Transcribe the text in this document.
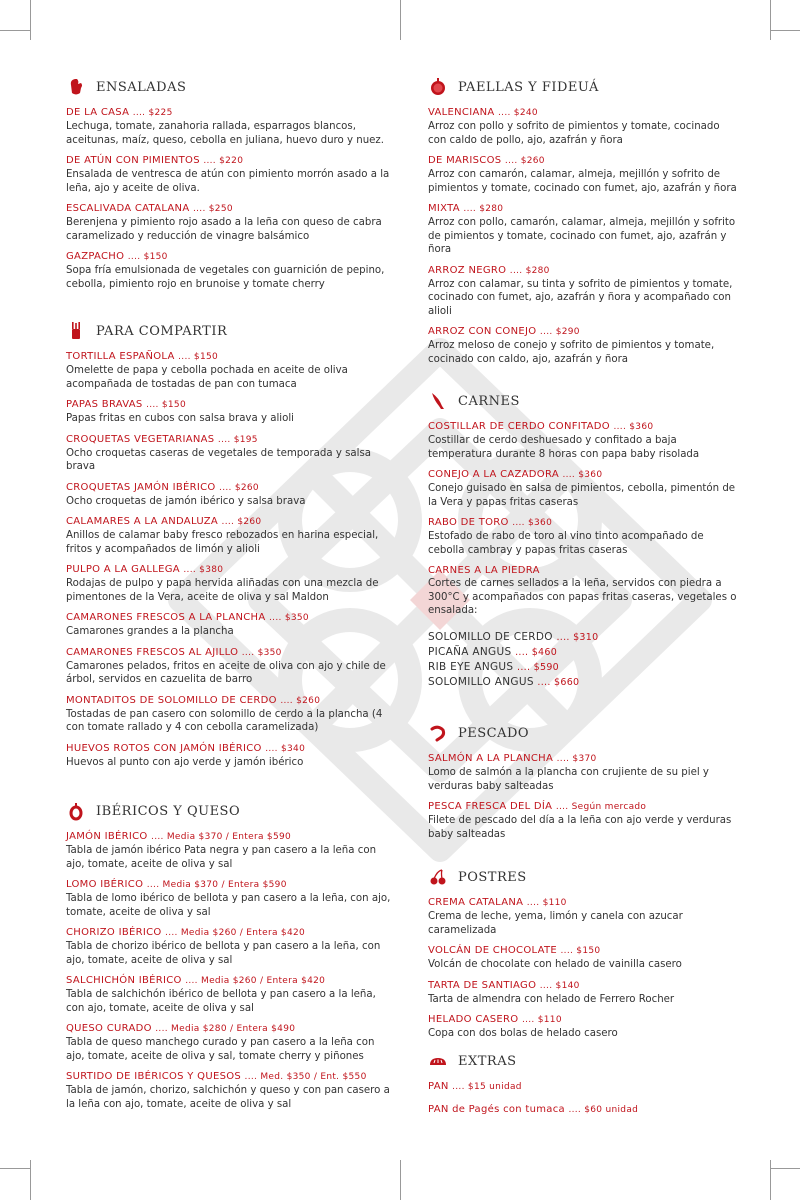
ENSALADAS
DE LA CASA .... $225
Lechuga, tomate, zanahoria rallada, esparragos blancos, aceitunas, maíz, queso, cebolla en juliana, huevo duro y nuez.
DE ATÚN CON PIMIENTOS .... $220
Ensalada de ventresca de atún con pimiento morrón asado a la leña, ajo y aceite de oliva.
ESCALIVADA CATALANA .... $250
Berenjena y pimiento rojo asado a la leña con queso de cabra caramelizado y reducción de vinagre balsámico
GAZPACHO .... $150
Sopa fría emulsionada de vegetales con guarnición de pepino, cebolla, pimiento rojo en brunoise y tomate cherry
PARA COMPARTIR
TORTILLA ESPAÑOLA .... $150
Omelette de papa y cebolla pochada en aceite de oliva acompañada de tostadas de pan con tumaca
PAPAS BRAVAS .... $150
Papas fritas en cubos con salsa brava y alioli
CROQUETAS VEGETARIANAS .... $195
Ocho croquetas caseras de vegetales de temporada y salsa brava
CROQUETAS JAMÓN IBÉRICO .... $260
Ocho croquetas de jamón ibérico y salsa brava
CALAMARES A LA ANDALUZA .... $260
Anillos de calamar baby fresco rebozados en harina especial, fritos y acompañados de limón y alioli
PULPO A LA GALLEGA .... $380
Rodajas de pulpo y papa hervida aliñadas con una mezcla de pimentones de la Vera, aceite de oliva y sal Maldon
CAMARONES FRESCOS A LA PLANCHA .... $350
Camarones grandes a la plancha
CAMARONES FRESCOS AL AJILLO .... $350
Camarones pelados, fritos en aceite de oliva con ajo y chile de árbol, servidos en cazuelita de barro
MONTADITOS DE SOLOMILLO DE CERDO .... $260
Tostadas de pan casero con solomillo de cerdo a la plancha (4 con tomate rallado y 4 con cebolla caramelizada)
HUEVOS ROTOS CON JAMÓN IBÉRICO .... $340
Huevos al punto con ajo verde y jamón ibérico
IBÉRICOS Y QUESO
JAMÓN IBÉRICO .... Media $370 / Entera $590
Tabla de jamón ibérico Pata negra y pan casero a la leña con ajo, tomate, aceite de oliva y sal
LOMO IBÉRICO .... Media $370 / Entera $590
Tabla de lomo ibérico de bellota y pan casero a la leña, con ajo, tomate, aceite de oliva y sal
CHORIZO IBÉRICO .... Media $260 / Entera $420
Tabla de chorizo ibérico de bellota y pan casero a la leña, con ajo, tomate, aceite de oliva y sal
SALCHICHÓN IBÉRICO .... Media $260 / Entera $420
Tabla de salchichón ibérico de bellota y pan casero a la leña, con ajo, tomate, aceite de oliva y sal
QUESO CURADO .... Media $280 / Entera $490
Tabla de queso manchego curado y pan casero a la leña con ajo, tomate, aceite de oliva y sal, tomate cherry y piñones
SURTIDO DE IBÉRICOS Y QUESOS .... Med. $350 / Ent. $550
Tabla de jamón, chorizo, salchichón y queso y con pan casero a la leña con ajo, tomate, aceite de oliva y sal
PAELLAS Y FIDEUÁ
VALENCIANA .... $240
Arroz con pollo y sofrito de pimientos y tomate, cocinado con caldo de pollo, ajo, azafrán y ñora
DE MARISCOS .... $260
Arroz con camarón, calamar, almeja, mejillón y sofrito de pimientos y tomate, cocinado con fumet, ajo, azafrán y ñora
MIXTA .... $280
Arroz con pollo, camarón, calamar, almeja, mejillón y sofrito de pimientos y tomate, cocinado con fumet, ajo, azafrán y ñora
ARROZ NEGRO .... $280
Arroz con calamar, su tinta y sofrito de pimientos y tomate, cocinado con fumet, ajo, azafrán y ñora y acompañado con alioli
ARROZ CON CONEJO .... $290
Arroz meloso de conejo y sofrito de pimientos y tomate, cocinado con caldo, ajo, azafrán y ñora
CARNES
COSTILLAR DE CERDO CONFITADO .... $360
Costillar de cerdo deshuesado y confitado a baja temperatura durante 8 horas con papa baby risolada
CONEJO A LA CAZADORA .... $360
Conejo guisado en salsa de pimientos, cebolla, pimentón de la Vera y papas fritas caseras
RABO DE TORO .... $360
Estofado de rabo de toro al vino tinto acompañado de cebolla cambray y papas fritas caseras
CARNES A LA PIEDRA
Cortes de carnes sellados a la leña, servidos con piedra a 300°C y acompañados con papas fritas caseras, vegetales o ensalada:
SOLOMILLO DE CERDO .... $310
PICAÑA ANGUS .... $460
RIB EYE ANGUS .... $590
SOLOMILLO ANGUS .... $660
PESCADO
SALMÓN A LA PLANCHA .... $370
Lomo de salmón a la plancha con crujiente de su piel y verduras baby salteadas
PESCA FRESCA DEL DÍA .... Según mercado
Filete de pescado del día a la leña con ajo verde y verduras baby salteadas
POSTRES
CREMA CATALANA .... $110
Crema de leche, yema, limón y canela con azucar caramelizada
VOLCÁN DE CHOCOLATE .... $150
Volcán de chocolate con helado de vainilla casero
TARTA DE SANTIAGO .... $140
Tarta de almendra con helado de Ferrero Rocher
HELADO CASERO .... $110
Copa con dos bolas de helado casero
EXTRAS
PAN .... $15 unidad
PAN de Pagés con tumaca .... $60 unidad
